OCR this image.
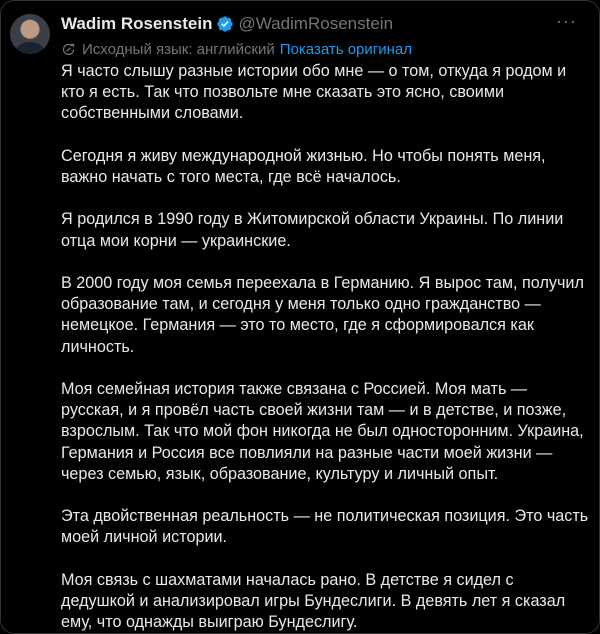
Wadim Rosenstein @WadimRosenstein	···
Исходный язык: английский Показать оригинал

Я часто слышу разные истории обо мне — о том, откуда я родом и кто я есть. Так что позвольте мне сказать это ясно, своими собственными словами.

Сегодня я живу международной жизнью. Но чтобы понять меня, важно начать с того места, где всё началось.

Я родился в 1990 году в Житомирской области Украины. По линии отца мои корни — украинские.

В 2000 году моя семья переехала в Германию. Я вырос там, получил образование там, и сегодня у меня только одно гражданство — немецкое. Германия — это то место, где я сформировался как личность.

Моя семейная история также связана с Россией. Моя мать — русская, и я провёл часть своей жизни там — и в детстве, и позже, взрослым. Так что мой фон никогда не был односторонним. Украина, Германия и Россия все повлияли на разные части моей жизни — через семью, язык, образование, культуру и личный опыт.

Эта двойственная реальность — не политическая позиция. Это часть моей личной истории.

Моя связь с шахматами началась рано. В детстве я сидел с дедушкой и анализировал игры Бундеслиги. В девять лет я сказал ему, что однажды выиграю Бундеслигу.
